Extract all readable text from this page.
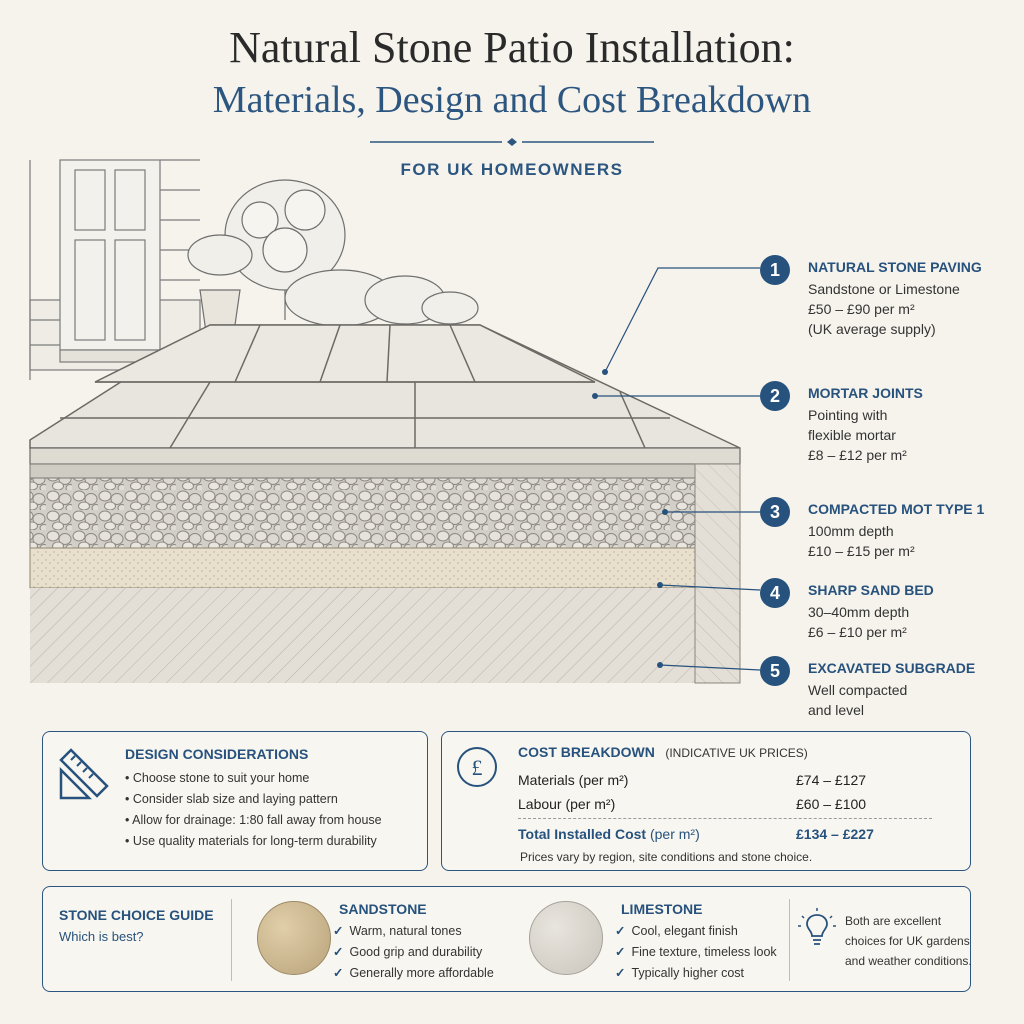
Natural Stone Patio Installation:
Materials, Design and Cost Breakdown
FOR UK HOMEOWNERS
1	NATURAL STONE PAVING
Sandstone or Limestone
£50 – £90 per m²
(UK average supply)
2	MORTAR JOINTS
Pointing with
flexible mortar
£8 – £12 per m²
3	COMPACTED MOT TYPE 1
100mm depth
£10 – £15 per m²
4	SHARP SAND BED
30–40mm depth
£6 – £10 per m²
5	EXCAVATED SUBGRADE
Well compacted
and level
DESIGN CONSIDERATIONS
• Choose stone to suit your home
• Consider slab size and laying pattern
• Allow for drainage: 1:80 fall away from house
• Use quality materials for long-term durability
£
COST BREAKDOWN (INDICATIVE UK PRICES)
Materials (per m²)	£74 – £127
Labour (per m²)	£60 – £100
Total Installed Cost (per m²)	£134 – £227
Prices vary by region, site conditions and stone choice.
STONE CHOICE GUIDE
Which is best?
SANDSTONE
✓ Warm, natural tones
✓ Good grip and durability
✓ Generally more affordable
LIMESTONE
✓ Cool, elegant finish
✓ Fine texture, timeless look
✓ Typically higher cost
Both are excellent
choices for UK gardens
and weather conditions.
